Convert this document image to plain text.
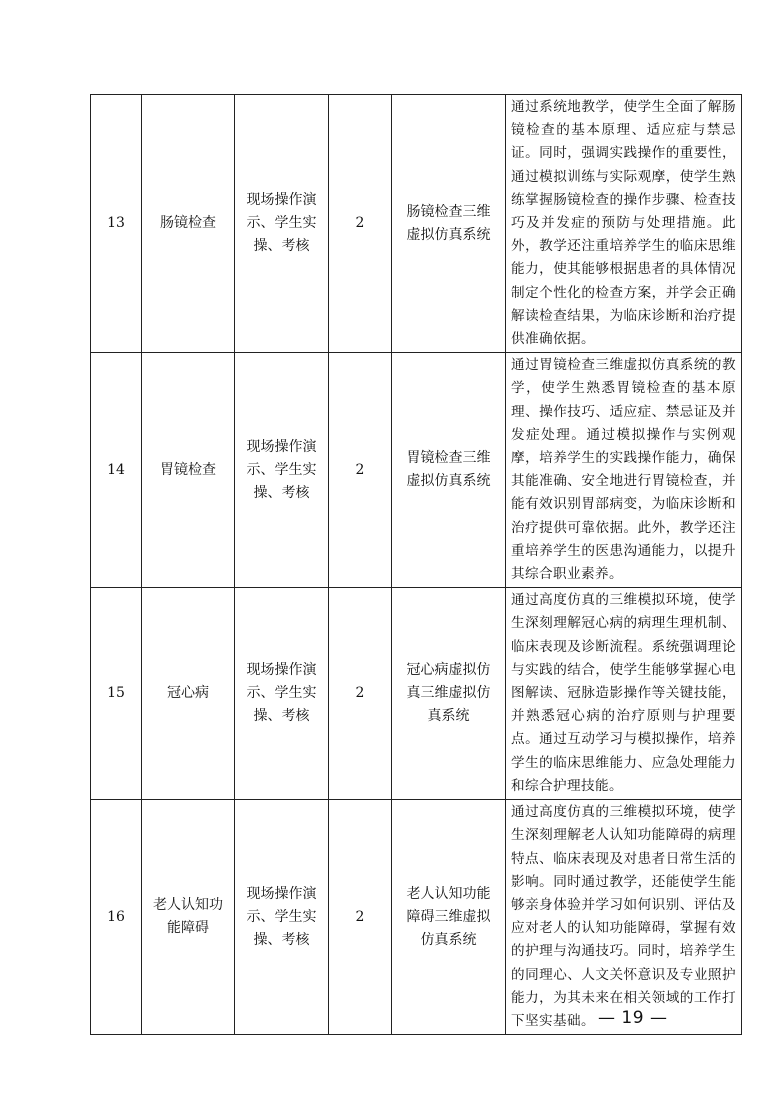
13	肠镜检查	现场操作演示、学生实操、考核	2	肠镜检查三维虚拟仿真系统	通过系统地教学，使学生全面了解肠镜检查的基本原理、适应症与禁忌证。同时，强调实践操作的重要性，通过模拟训练与实际观摩，使学生熟练掌握肠镜检查的操作步骤、检查技巧及并发症的预防与处理措施。此外，教学还注重培养学生的临床思维能力，使其能够根据患者的具体情况制定个性化的检查方案，并学会正确解读检查结果，为临床诊断和治疗提供准确依据。
14	胃镜检查	现场操作演示、学生实操、考核	2	胃镜检查三维虚拟仿真系统	通过胃镜检查三维虚拟仿真系统的教学，使学生熟悉胃镜检查的基本原理、操作技巧、适应症、禁忌证及并发症处理。通过模拟操作与实例观摩，培养学生的实践操作能力，确保其能准确、安全地进行胃镜检查，并能有效识别胃部病变，为临床诊断和治疗提供可靠依据。此外，教学还注重培养学生的医患沟通能力，以提升其综合职业素养。
15	冠心病	现场操作演示、学生实操、考核	2	冠心病虚拟仿真三维虚拟仿真系统	通过高度仿真的三维模拟环境，使学生深刻理解冠心病的病理生理机制、临床表现及诊断流程。系统强调理论与实践的结合，使学生能够掌握心电图解读、冠脉造影操作等关键技能，并熟悉冠心病的治疗原则与护理要点。通过互动学习与模拟操作，培养学生的临床思维能力、应急处理能力和综合护理技能。
16	老人认知功能障碍	现场操作演示、学生实操、考核	2	老人认知功能障碍三维虚拟仿真系统	通过高度仿真的三维模拟环境，使学生深刻理解老人认知功能障碍的病理特点、临床表现及对患者日常生活的影响。同时通过教学，还能使学生能够亲身体验并学习如何识别、评估及应对老人的认知功能障碍，掌握有效的护理与沟通技巧。同时，培养学生的同理心、人文关怀意识及专业照护能力，为其未来在相关领域的工作打下坚实基础。 — 19 —
